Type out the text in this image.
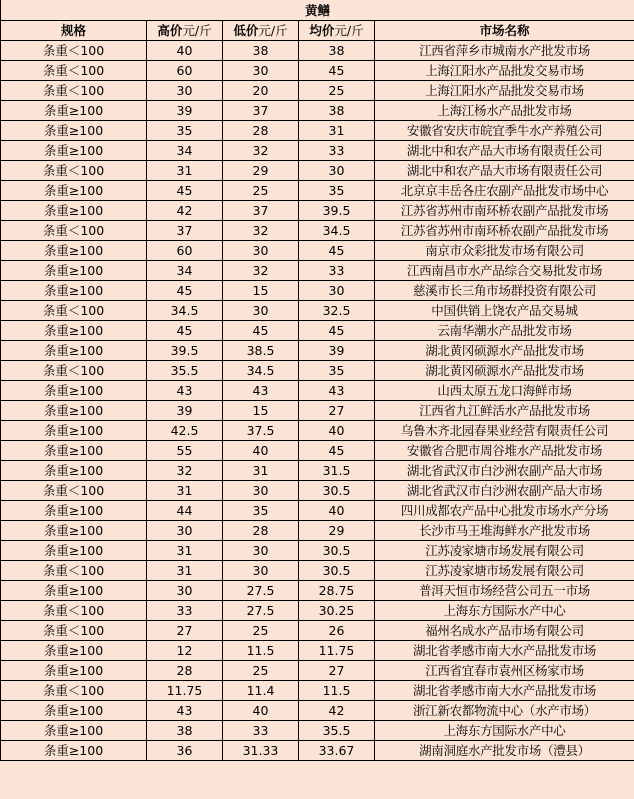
黄鳝				
规格	高价元/斤	低价元/斤	均价元/斤	市场名称
条重＜100	40	38	38	江西省萍乡市城南水产批发市场
条重＜100	60	30	45	上海江阳水产品批发交易市场
条重＜100	30	20	25	上海江阳水产品批发交易市场
条重≥100	39	37	38	上海江杨水产品批发市场
条重≥100	35	28	31	安徽省安庆市皖宜季牛水产养殖公司
条重≥100	34	32	33	湖北中和农产品大市场有限责任公司
条重＜100	31	29	30	湖北中和农产品大市场有限责任公司
条重≥100	45	25	35	北京京丰岳各庄农副产品批发市场中心
条重≥100	42	37	39.5	江苏省苏州市南环桥农副产品批发市场
条重＜100	37	32	34.5	江苏省苏州市南环桥农副产品批发市场
条重≥100	60	30	45	南京市众彩批发市场有限公司
条重≥100	34	32	33	江西南昌市水产品综合交易批发市场
条重≥100	45	15	30	慈溪市长三角市场群投资有限公司
条重＜100	34.5	30	32.5	中国供销上饶农产品交易城
条重≥100	45	45	45	云南华潮水产品批发市场
条重≥100	39.5	38.5	39	湖北黄冈硕源水产品批发市场
条重＜100	35.5	34.5	35	湖北黄冈硕源水产品批发市场
条重≥100	43	43	43	山西太原五龙口海鲜市场
条重≥100	39	15	27	江西省九江鲜活水产品批发市场
条重≥100	42.5	37.5	40	乌鲁木齐北园春果业经营有限责任公司
条重≥100	55	40	45	安徽省合肥市周谷堆水产品批发市场
条重≥100	32	31	31.5	湖北省武汉市白沙洲农副产品大市场
条重＜100	31	30	30.5	湖北省武汉市白沙洲农副产品大市场
条重≥100	44	35	40	四川成都农产品中心批发市场水产分场
条重≥100	30	28	29	长沙市马王堆海鲜水产批发市场
条重≥100	31	30	30.5	江苏凌家塘市场发展有限公司
条重＜100	31	30	30.5	江苏凌家塘市场发展有限公司
条重≥100	30	27.5	28.75	普洱天恒市场经营公司五一市场
条重＜100	33	27.5	30.25	上海东方国际水产中心
条重＜100	27	25	26	福州名成水产品市场有限公司
条重≥100	12	11.5	11.75	湖北省孝感市南大水产品批发市场
条重≥100	28	25	27	江西省宜春市袁州区杨家市场
条重＜100	11.75	11.4	11.5	湖北省孝感市南大水产品批发市场
条重≥100	43	40	42	浙江新农都物流中心（水产市场）
条重≥100	38	33	35.5	上海东方国际水产中心
条重≥100	36	31.33	33.67	湖南洞庭水产批发市场（澧县）
